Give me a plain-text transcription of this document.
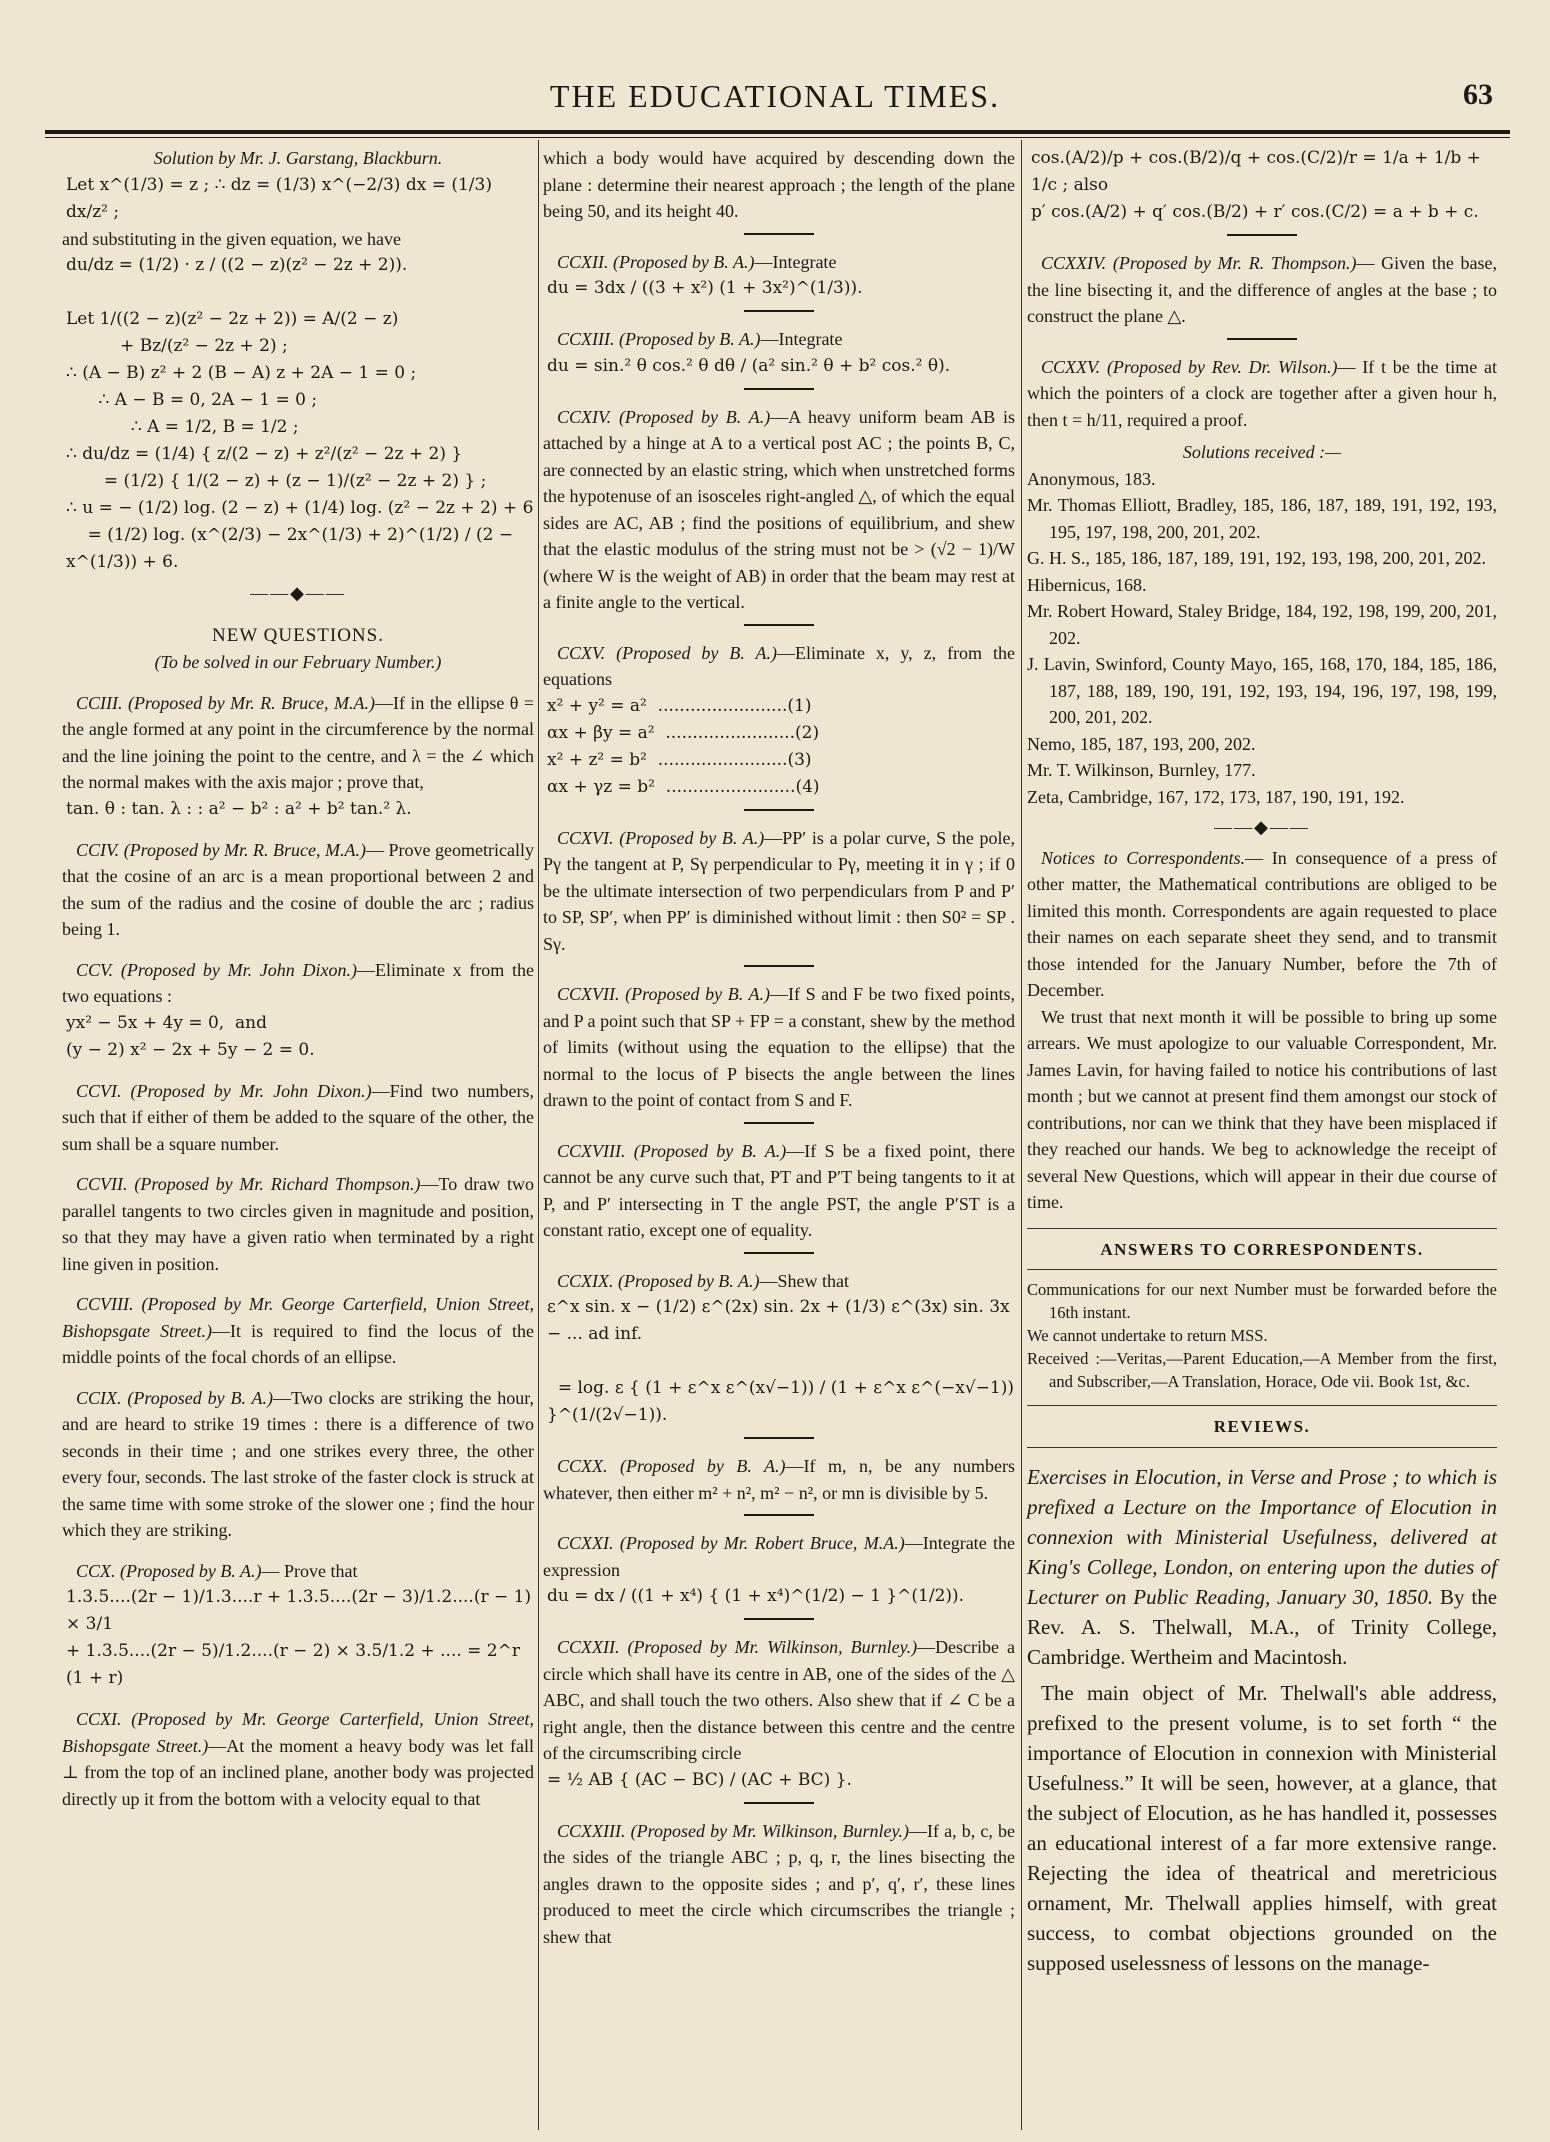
THE EDUCATIONAL TIMES.	63

Solution by Mr. J. Garstang, Blackburn.

Let x^(1/3) = z ; ∴ dz = (1/3) x^(−2/3) dx = (1/3) dx/z² ;

and substituting in the given equation, we have

du/dz = (1/2) · z / ((2 − z)(z² − 2z + 2)).

Let 1/((2 − z)(z² − 2z + 2)) = A/(2 − z)
+ Bz/(z² − 2z + 2) ;
∴ (A − B) z² + 2 (B − A) z + 2A − 1 = 0 ;
∴ A − B = 0, 2A − 1 = 0 ;
∴ A = 1/2, B = 1/2 ;
∴ du/dz = (1/4) { z/(2 − z) + z²/(z² − 2z + 2) }
= (1/2) { 1/(2 − z) + (z − 1)/(z² − 2z + 2) } ;
∴ u = − (1/2) log. (2 − z) + (1/4) log. (z² − 2z + 2) + 6
= (1/2) log. (x^(2/3) − 2x^(1/3) + 2)^(1/2) / (2 − x^(1/3)) + 6.

——◆——

NEW QUESTIONS.

(To be solved in our February Number.)

CCIII. (Proposed by Mr. R. Bruce, M.A.)—If in the ellipse θ = the angle formed at any point in the circumference by the normal and the line joining the point to the centre, and λ = the ∠ which the normal makes with the axis major ; prove that,

tan. θ : tan. λ : : a² − b² : a² + b² tan.² λ.

CCIV. (Proposed by Mr. R. Bruce, M.A.)— Prove geometrically that the cosine of an arc is a mean proportional between 2 and the sum of the radius and the cosine of double the arc ; radius being 1.

CCV. (Proposed by Mr. John Dixon.)—Eliminate x from the two equations :

yx² − 5x + 4y = 0,  and
(y − 2) x² − 2x + 5y − 2 = 0.

CCVI. (Proposed by Mr. John Dixon.)—Find two numbers, such that if either of them be added to the square of the other, the sum shall be a square number.

CCVII. (Proposed by Mr. Richard Thompson.)—To draw two parallel tangents to two circles given in magnitude and position, so that they may have a given ratio when terminated by a right line given in position.

CCVIII. (Proposed by Mr. George Carterfield, Union Street, Bishopsgate Street.)—It is required to find the locus of the middle points of the focal chords of an ellipse.

CCIX. (Proposed by B. A.)—Two clocks are striking the hour, and are heard to strike 19 times : there is a difference of two seconds in their time ; and one strikes every three, the other every four, seconds. The last stroke of the faster clock is struck at the same time with some stroke of the slower one ; find the hour which they are striking.

CCX. (Proposed by B. A.)— Prove that

1.3.5....(2r − 1)/1.3....r + 1.3.5....(2r − 3)/1.2....(r − 1) × 3/1
+ 1.3.5....(2r − 5)/1.2....(r − 2) × 3.5/1.2 + .... = 2^r (1 + r)

CCXI. (Proposed by Mr. George Carterfield, Union Street, Bishopsgate Street.)—At the moment a heavy body was let fall ⊥ from the top of an inclined plane, another body was projected directly up it from the bottom with a velocity equal to that

which a body would have acquired by descending down the plane : determine their nearest approach ; the length of the plane being 50, and its height 40.

CCXII. (Proposed by B. A.)—Integrate

du = 3dx / ((3 + x²) (1 + 3x²)^(1/3)).

CCXIII. (Proposed by B. A.)—Integrate

du = sin.² θ cos.² θ dθ / (a² sin.² θ + b² cos.² θ).

CCXIV. (Proposed by B. A.)—A heavy uniform beam AB is attached by a hinge at A to a vertical post AC ; the points B, C, are connected by an elastic string, which when unstretched forms the hypotenuse of an isosceles right-angled △, of which the equal sides are AC, AB ; find the positions of equilibrium, and shew that the elastic modulus of the string must not be > (√2 − 1)/W (where W is the weight of AB) in order that the beam may rest at a finite angle to the vertical.

CCXV. (Proposed by B. A.)—Eliminate x, y, z, from the equations

x² + y² = a²  ........................(1)
αx + βy = a²  ........................(2)
x² + z² = b²  ........................(3)
αx + γz = b²  ........................(4)

CCXVI. (Proposed by B. A.)—PP′ is a polar curve, S the pole, Pγ the tangent at P, Sγ perpendicular to Pγ, meeting it in γ ; if 0 be the ultimate intersection of two perpendiculars from P and P′ to SP, SP′, when PP′ is diminished without limit : then S0² = SP . Sγ.

CCXVII. (Proposed by B. A.)—If S and F be two fixed points, and P a point such that SP + FP = a constant, shew by the method of limits (without using the equation to the ellipse) that the normal to the locus of P bisects the angle between the lines drawn to the point of contact from S and F.

CCXVIII. (Proposed by B. A.)—If S be a fixed point, there cannot be any curve such that, PT and P′T being tangents to it at P, and P′ intersecting in T the angle PST, the angle P′ST is a constant ratio, except one of equality.

CCXIX. (Proposed by B. A.)—Shew that

ε^x sin. x − (1/2) ε^(2x) sin. 2x + (1/3) ε^(3x) sin. 3x − ... ad inf.

= log. ε { (1 + ε^x ε^(x√−1)) / (1 + ε^x ε^(−x√−1)) }^(1/(2√−1)).

CCXX. (Proposed by B. A.)—If m, n, be any numbers whatever, then either m² + n², m² − n², or mn is divisible by 5.

CCXXI. (Proposed by Mr. Robert Bruce, M.A.)—Integrate the expression

du = dx / ((1 + x⁴) { (1 + x⁴)^(1/2) − 1 }^(1/2)).

CCXXII. (Proposed by Mr. Wilkinson, Burnley.)—Describe a circle which shall have its centre in AB, one of the sides of the △ ABC, and shall touch the two others. Also shew that if ∠ C be a right angle, then the distance between this centre and the centre of the circumscribing circle

= ½ AB { (AC − BC) / (AC + BC) }.

CCXXIII. (Proposed by Mr. Wilkinson, Burnley.)—If a, b, c, be the sides of the triangle ABC ; p, q, r, the lines bisecting the angles drawn to the opposite sides ; and p′, q′, r′, these lines produced to meet the circle which circumscribes the triangle ; shew that

cos.(A/2)/p + cos.(B/2)/q + cos.(C/2)/r = 1/a + 1/b + 1/c ; also
p′ cos.(A/2) + q′ cos.(B/2) + r′ cos.(C/2) = a + b + c.

CCXXIV. (Proposed by Mr. R. Thompson.)— Given the base, the line bisecting it, and the difference of angles at the base ; to construct the plane △.

CCXXV. (Proposed by Rev. Dr. Wilson.)— If t be the time at which the pointers of a clock are together after a given hour h, then t = h/11, required a proof.

Solutions received :—

Anonymous, 183.

Mr. Thomas Elliott, Bradley, 185, 186, 187, 189, 191, 192, 193, 195, 197, 198, 200, 201, 202.

G. H. S., 185, 186, 187, 189, 191, 192, 193, 198, 200, 201, 202.

Hibernicus, 168.

Mr. Robert Howard, Staley Bridge, 184, 192, 198, 199, 200, 201, 202.

J. Lavin, Swinford, County Mayo, 165, 168, 170, 184, 185, 186, 187, 188, 189, 190, 191, 192, 193, 194, 196, 197, 198, 199, 200, 201, 202.

Nemo, 185, 187, 193, 200, 202.

Mr. T. Wilkinson, Burnley, 177.

Zeta, Cambridge, 167, 172, 173, 187, 190, 191, 192.

——◆——

Notices to Correspondents.— In consequence of a press of other matter, the Mathematical contributions are obliged to be limited this month. Correspondents are again requested to place their names on each separate sheet they send, and to transmit those intended for the January Number, before the 7th of December.

We trust that next month it will be possible to bring up some arrears. We must apologize to our valuable Correspondent, Mr. James Lavin, for having failed to notice his contributions of last month ; but we cannot at present find them amongst our stock of contributions, nor can we think that they have been misplaced if they reached our hands. We beg to acknowledge the receipt of several New Questions, which will appear in their due course of time.

ANSWERS TO CORRESPONDENTS.

Communications for our next Number must be forwarded before the 16th instant.

We cannot undertake to return MSS.

Received :—Veritas,—Parent Education,—A Member from the first, and Subscriber,—A Translation, Horace, Ode vii. Book 1st, &c.

REVIEWS.

Exercises in Elocution, in Verse and Prose ; to which is prefixed a Lecture on the Importance of Elocution in connexion with Ministerial Usefulness, delivered at King's College, London, on entering upon the duties of Lecturer on Public Reading, January 30, 1850. By the Rev. A. S. Thelwall, M.A., of Trinity College, Cambridge. Wertheim and Macintosh.

The main object of Mr. Thelwall's able address, prefixed to the present volume, is to set forth “ the importance of Elocution in connexion with Ministerial Usefulness.” It will be seen, however, at a glance, that the subject of Elocution, as he has handled it, possesses an educational interest of a far more extensive range. Rejecting the idea of theatrical and meretricious ornament, Mr. Thelwall applies himself, with great success, to combat objections grounded on the supposed uselessness of lessons on the manage-
